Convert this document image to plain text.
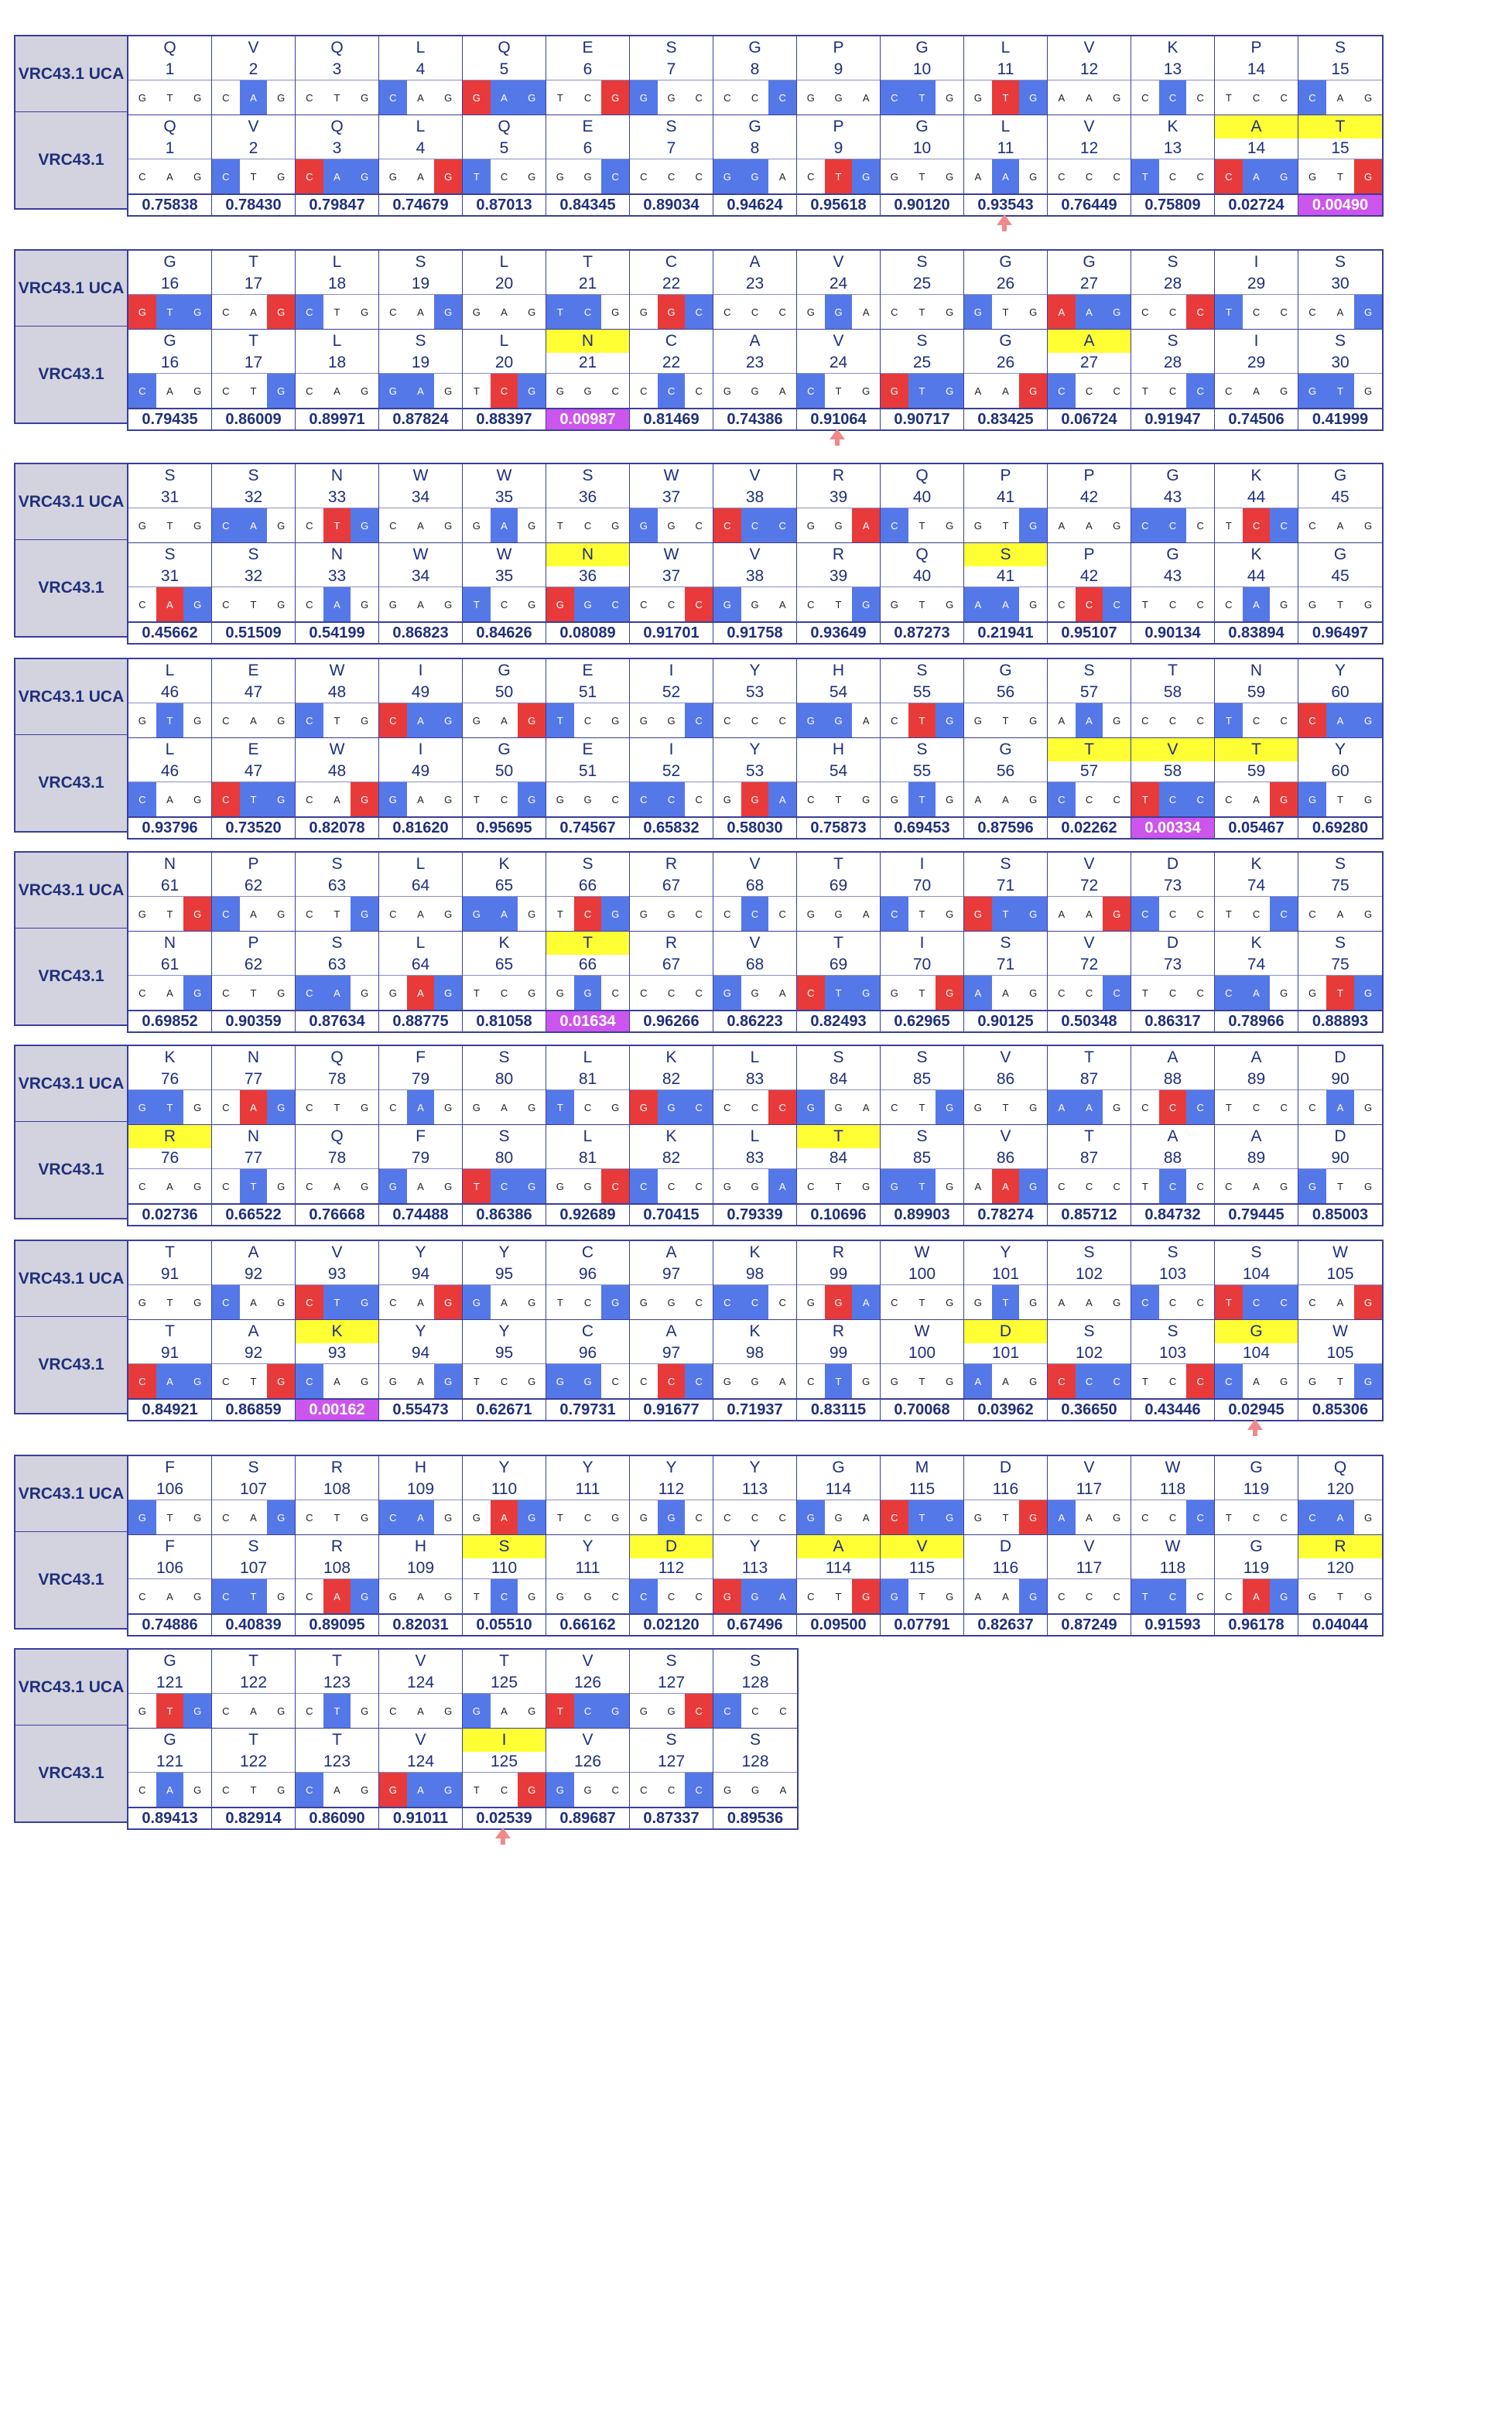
VRC43.1 UCA
VRC43.1
Q
1
G T G
Q
1
C A G
0.75838
V
2
C A G
V
2
C T G
0.78430
Q
3
C T G
Q
3
C A G
0.79847
L
4
C A G
L
4
G A G
0.74679
Q
5
G A G
Q
5
T C G
0.87013
E
6
T C G
E
6
G G C
0.84345
S
7
G G C
S
7
C C C
0.89034
G
8
C C C
G
8
G G A
0.94624
P
9
G G A
P
9
C T G
0.95618
G
10
C T G
G
10
G T G
0.90120
L
11
G T G
L
11
A A G
0.93543
V
12
A A G
V
12
C C C
0.76449
K
13
C C C
K
13
T C C
0.75809
P
14
T C C
A
14
C A G
0.02724
S
15
C A G
T
15
G T G
0.00490
VRC43.1 UCA
VRC43.1
G
16
G T G
G
16
C A G
0.79435
T
17
C A G
T
17
C T G
0.86009
L
18
C T G
L
18
C A G
0.89971
S
19
C A G
S
19
G A G
0.87824
L
20
G A G
L
20
T C G
0.88397
T
21
T C G
N
21
G G C
0.00987
C
22
G G C
C
22
C C C
0.81469
A
23
C C C
A
23
G G A
0.74386
V
24
G G A
V
24
C T G
0.91064
S
25
C T G
S
25
G T G
0.90717
G
26
G T G
G
26
A A G
0.83425
G
27
A A G
A
27
C C C
0.06724
S
28
C C C
S
28
T C C
0.91947
I
29
T C C
I
29
C A G
0.74506
S
30
C A G
S
30
G T G
0.41999
VRC43.1 UCA
VRC43.1
S
31
G T G
S
31
C A G
0.45662
S
32
C A G
S
32
C T G
0.51509
N
33
C T G
N
33
C A G
0.54199
W
34
C A G
W
34
G A G
0.86823
W
35
G A G
W
35
T C G
0.84626
S
36
T C G
N
36
G G C
0.08089
W
37
G G C
W
37
C C C
0.91701
V
38
C C C
V
38
G G A
0.91758
R
39
G G A
R
39
C T G
0.93649
Q
40
C T G
Q
40
G T G
0.87273
P
41
G T G
S
41
A A G
0.21941
P
42
A A G
P
42
C C C
0.95107
G
43
C C C
G
43
T C C
0.90134
K
44
T C C
K
44
C A G
0.83894
G
45
C A G
G
45
G T G
0.96497
VRC43.1 UCA
VRC43.1
L
46
G T G
L
46
C A G
0.93796
E
47
C A G
E
47
C T G
0.73520
W
48
C T G
W
48
C A G
0.82078
I
49
C A G
I
49
G A G
0.81620
G
50
G A G
G
50
T C G
0.95695
E
51
T C G
E
51
G G C
0.74567
I
52
G G C
I
52
C C C
0.65832
Y
53
C C C
Y
53
G G A
0.58030
H
54
G G A
H
54
C T G
0.75873
S
55
C T G
S
55
G T G
0.69453
G
56
G T G
G
56
A A G
0.87596
S
57
A A G
T
57
C C C
0.02262
T
58
C C C
V
58
T C C
0.00334
N
59
T C C
T
59
C A G
0.05467
Y
60
C A G
Y
60
G T G
0.69280
VRC43.1 UCA
VRC43.1
N
61
G T G
N
61
C A G
0.69852
P
62
C A G
P
62
C T G
0.90359
S
63
C T G
S
63
C A G
0.87634
L
64
C A G
L
64
G A G
0.88775
K
65
G A G
K
65
T C G
0.81058
S
66
T C G
T
66
G G C
0.01634
R
67
G G C
R
67
C C C
0.96266
V
68
C C C
V
68
G G A
0.86223
T
69
G G A
T
69
C T G
0.82493
I
70
C T G
I
70
G T G
0.62965
S
71
G T G
S
71
A A G
0.90125
V
72
A A G
V
72
C C C
0.50348
D
73
C C C
D
73
T C C
0.86317
K
74
T C C
K
74
C A G
0.78966
S
75
C A G
S
75
G T G
0.88893
VRC43.1 UCA
VRC43.1
K
76
G T G
R
76
C A G
0.02736
N
77
C A G
N
77
C T G
0.66522
Q
78
C T G
Q
78
C A G
0.76668
F
79
C A G
F
79
G A G
0.74488
S
80
G A G
S
80
T C G
0.86386
L
81
T C G
L
81
G G C
0.92689
K
82
G G C
K
82
C C C
0.70415
L
83
C C C
L
83
G G A
0.79339
S
84
G G A
T
84
C T G
0.10696
S
85
C T G
S
85
G T G
0.89903
V
86
G T G
V
86
A A G
0.78274
T
87
A A G
T
87
C C C
0.85712
A
88
C C C
A
88
T C C
0.84732
A
89
T C C
A
89
C A G
0.79445
D
90
C A G
D
90
G T G
0.85003
VRC43.1 UCA
VRC43.1
T
91
G T G
T
91
C A G
0.84921
A
92
C A G
A
92
C T G
0.86859
V
93
C T G
K
93
C A G
0.00162
Y
94
C A G
Y
94
G A G
0.55473
Y
95
G A G
Y
95
T C G
0.62671
C
96
T C G
C
96
G G C
0.79731
A
97
G G C
A
97
C C C
0.91677
K
98
C C C
K
98
G G A
0.71937
R
99
G G A
R
99
C T G
0.83115
W
100
C T G
W
100
G T G
0.70068
Y
101
G T G
D
101
A A G
0.03962
S
102
A A G
S
102
C C C
0.36650
S
103
C C C
S
103
T C C
0.43446
S
104
T C C
G
104
C A G
0.02945
W
105
C A G
W
105
G T G
0.85306
VRC43.1 UCA
VRC43.1
F
106
G T G
F
106
C A G
0.74886
S
107
C A G
S
107
C T G
0.40839
R
108
C T G
R
108
C A G
0.89095
H
109
C A G
H
109
G A G
0.82031
Y
110
G A G
S
110
T C G
0.05510
Y
111
T C G
Y
111
G G C
0.66162
Y
112
G G C
D
112
C C C
0.02120
Y
113
C C C
Y
113
G G A
0.67496
G
114
G G A
A
114
C T G
0.09500
M
115
C T G
V
115
G T G
0.07791
D
116
G T G
D
116
A A G
0.82637
V
117
A A G
V
117
C C C
0.87249
W
118
C C C
W
118
T C C
0.91593
G
119
T C C
G
119
C A G
0.96178
Q
120
C A G
R
120
G T G
0.04044
VRC43.1 UCA
VRC43.1
G
121
G T G
G
121
C A G
0.89413
T
122
C A G
T
122
C T G
0.82914
T
123
C T G
T
123
C A G
0.86090
V
124
C A G
V
124
G A G
0.91011
T
125
G A G
I
125
T C G
0.02539
V
126
T C G
V
126
G G C
0.89687
S
127
G G C
S
127
C C C
0.87337
S
128
C C C
S
128
G G A
0.89536
